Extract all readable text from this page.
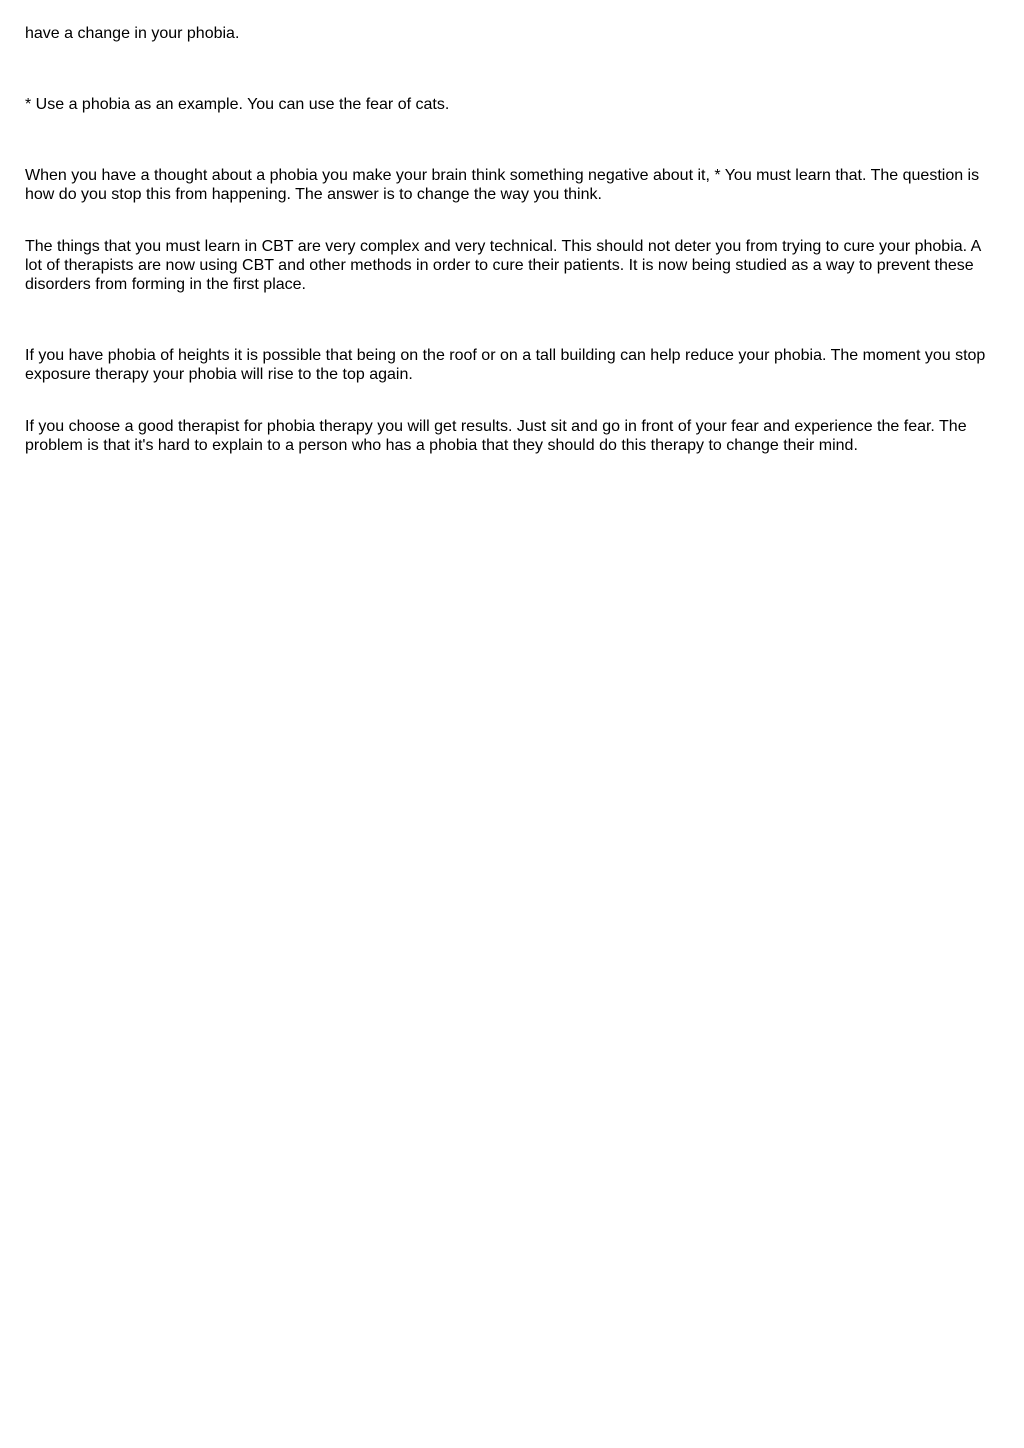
have a change in your phobia.

* Use a phobia as an example. You can use the fear of cats.

When you have a thought about a phobia you make your brain think something negative about it, * You must learn that. The question is how do you stop this from happening. The answer is to change the way you think.

The things that you must learn in CBT are very complex and very technical. This should not deter you from trying to cure your phobia. A lot of therapists are now using CBT and other methods in order to cure their patients. It is now being studied as a way to prevent these disorders from forming in the first place.

If you have phobia of heights it is possible that being on the roof or on a tall building can help reduce your phobia. The moment you stop exposure therapy your phobia will rise to the top again.

If you choose a good therapist for phobia therapy you will get results. Just sit and go in front of your fear and experience the fear. The problem is that it's hard to explain to a person who has a phobia that they should do this therapy to change their mind.
